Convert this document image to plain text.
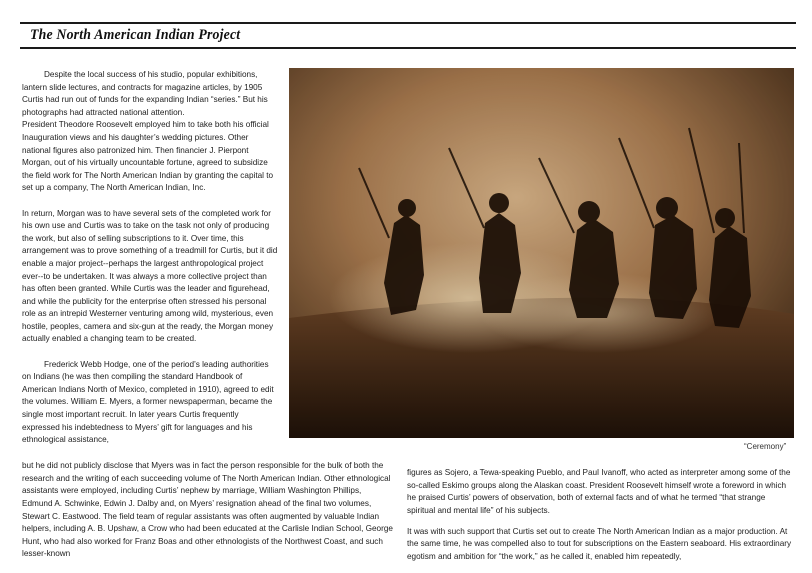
The North American Indian Project

Despite the local success of his studio, popular exhibitions, lantern slide lectures, and contracts for magazine articles, by 1905 Curtis had run out of funds for the expanding Indian “series.” But his photographs had attracted national attention.

President Theodore Roosevelt employed him to take both his official Inauguration views and his daughter’s wedding pictures. Other national figures also patronized him. Then financier J. Pierpont Morgan, out of his virtually uncountable fortune, agreed to subsidize the field work for The North American Indian by granting the capital to set up a company, The North American Indian, Inc.

In return, Morgan was to have several sets of the completed work for his own use and Curtis was to take on the task not only of producing the work, but also of selling subscriptions to it. Over time, this arrangement was to prove something of a treadmill for Curtis, but it did enable a major project--perhaps the largest anthropological project ever--to be undertaken. It was always a more collective project than has often been granted. While Curtis was the leader and figurehead, and while the publicity for the enterprise often stressed his personal role as an intrepid Westerner venturing among wild, mysterious, even hostile, peoples, camera and six-gun at the ready, the Morgan money actually enabled a changing team to be created.

Frederick Webb Hodge, one of the period’s leading authorities on Indians (he was then compiling the standard Handbook of American Indians North of Mexico, completed in 1910), agreed to edit the volumes. William E. Myers, a former newspaperman, became the single most important recruit. In later years Curtis frequently expressed his indebtedness to Myers’ gift for languages and his ethnological assistance,

but he did not publicly disclose that Myers was in fact the person responsible for the bulk of both the research and the writing of each succeeding volume of The North American Indian. Other ethnological assistants were employed, including Curtis’ nephew by marriage, William Washington Phillips, Edmund A. Schwinke, Edwin J. Dalby and, on Myers’ resignation ahead of the final two volumes, Stewart C. Eastwood. The field team of regular assistants was often augmented by valuable Indian helpers, including A. B. Upshaw, a Crow who had been educated at the Carlisle Indian School, George Hunt, who had also worked for Franz Boas and other ethnologists of the Northwest Coast, and such lesser-known

figures as Sojero, a Tewa-speaking Pueblo, and Paul Ivanoff, who acted as interpreter among some of the so-called Eskimo groups along the Alaskan coast. President Roosevelt himself wrote a foreword in which he praised Curtis’ powers of observation, both of external facts and of what he termed “that strange spiritual and mental life” of his subjects.

It was with such support that Curtis set out to create The North American Indian as a major production. At the same time, he was compelled also to tout for subscriptions on the Eastern seaboard. His extraordinary egotism and ambition for “the work,” as he called it, enabled him repeatedly,

“Ceremony”
